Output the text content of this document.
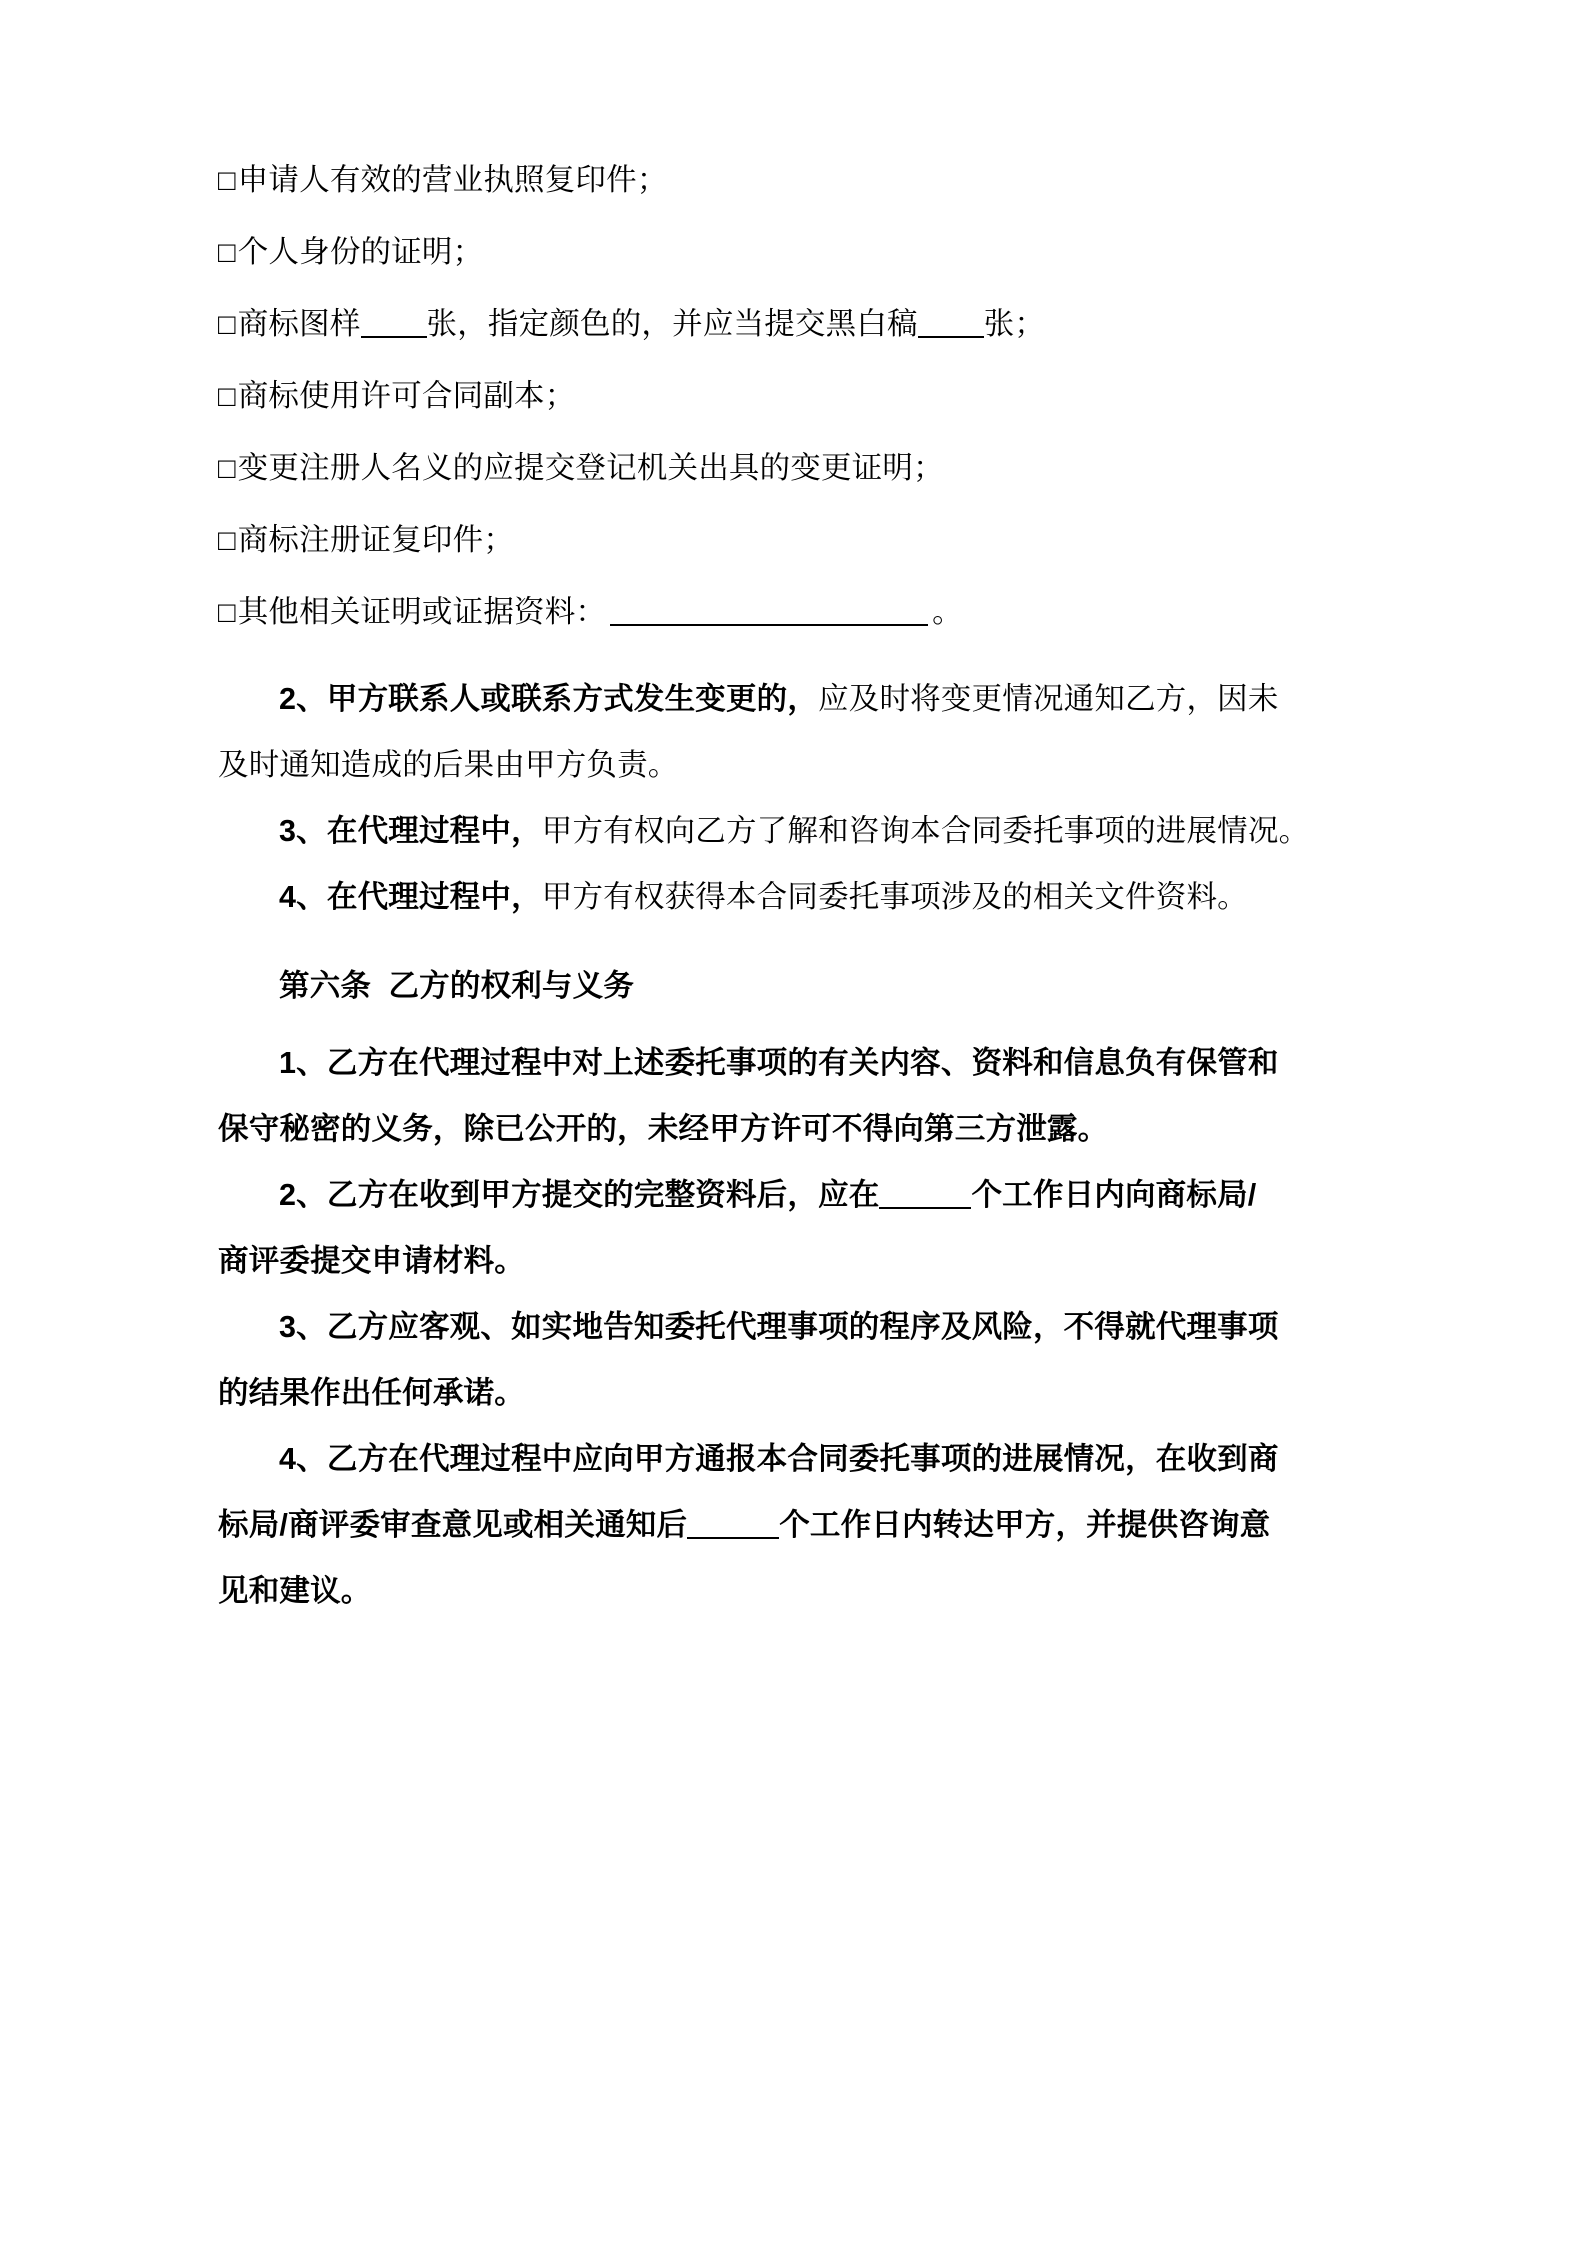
□申请人有效的营业执照复印件；

□个人身份的证明；

□商标图样 张，指定颜色的，并应当提交黑白稿 张；

□商标使用许可合同副本；

□变更注册人名义的应提交登记机关出具的变更证明；

□商标注册证复印件；

□其他相关证明或证据资料：	。

2、甲方联系人或联系方式发生变更的，应及时将变更情况通知乙方，因未

及时通知造成的后果由甲方负责。

3、在代理过程中，甲方有权向乙方了解和咨询本合同委托事项的进展情况。

4、在代理过程中，甲方有权获得本合同委托事项涉及的相关文件资料。

第六条  乙方的权利与义务

1、乙方在代理过程中对上述委托事项的有关内容、资料和信息负有保管和

保守秘密的义务，除已公开的，未经甲方许可不得向第三方泄露。

2、乙方在收到甲方提交的完整资料后，应在	个工作日内向商标局/

商评委提交申请材料。

3、乙方应客观、如实地告知委托代理事项的程序及风险，不得就代理事项

的结果作出任何承诺。

4、乙方在代理过程中应向甲方通报本合同委托事项的进展情况，在收到商

标局/商评委审查意见或相关通知后	个工作日内转达甲方，并提供咨询意

见和建议。
